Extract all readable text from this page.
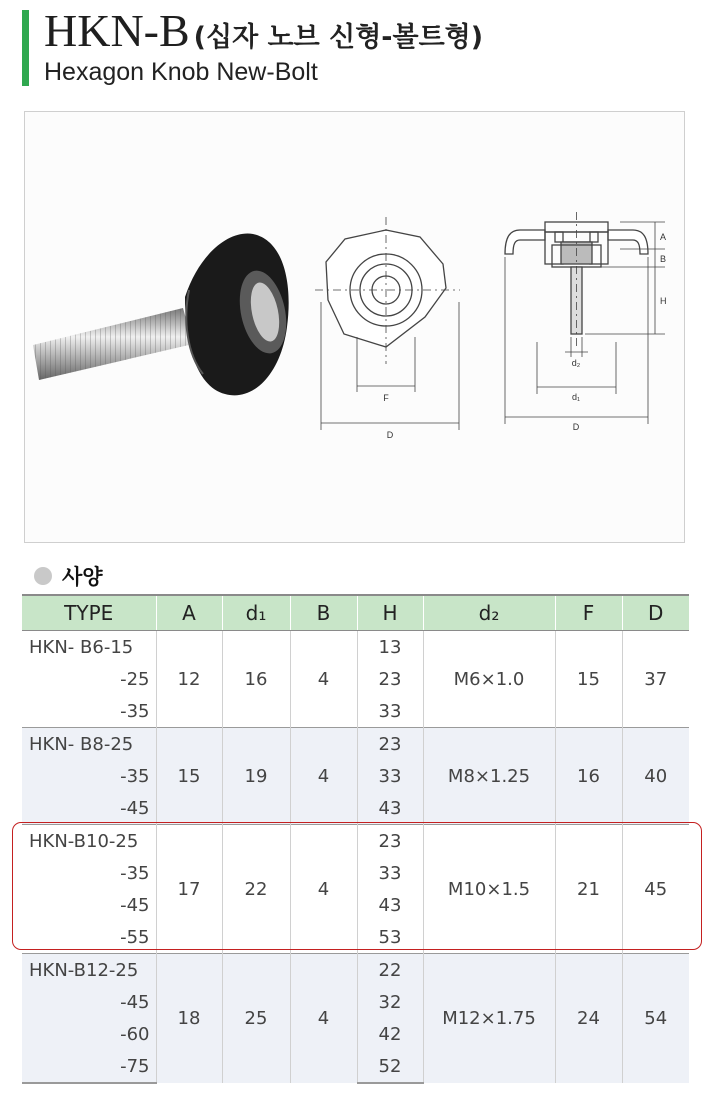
HKN-B (십자 노브 신형-볼트형)
Hexagon Knob New-Bolt
F
D
A
B
H
d₂
d₁
D
사양
TYPE	A	d₁	B	H	d₂	F	D
HKN- B6-15	12	16	4	13	M6×1.0	15	37
-25				23			
-35				33			
HKN- B8-25	15	19	4	23	M8×1.25	16	40
-35				33			
-45				43			
HKN-B10-25	17	22	4	23	M10×1.5	21	45
-35				33			
-45				43			
-55				53			
HKN-B12-25	18	25	4	22	M12×1.75	24	54
-45				32			
-60				42			
-75				52			
